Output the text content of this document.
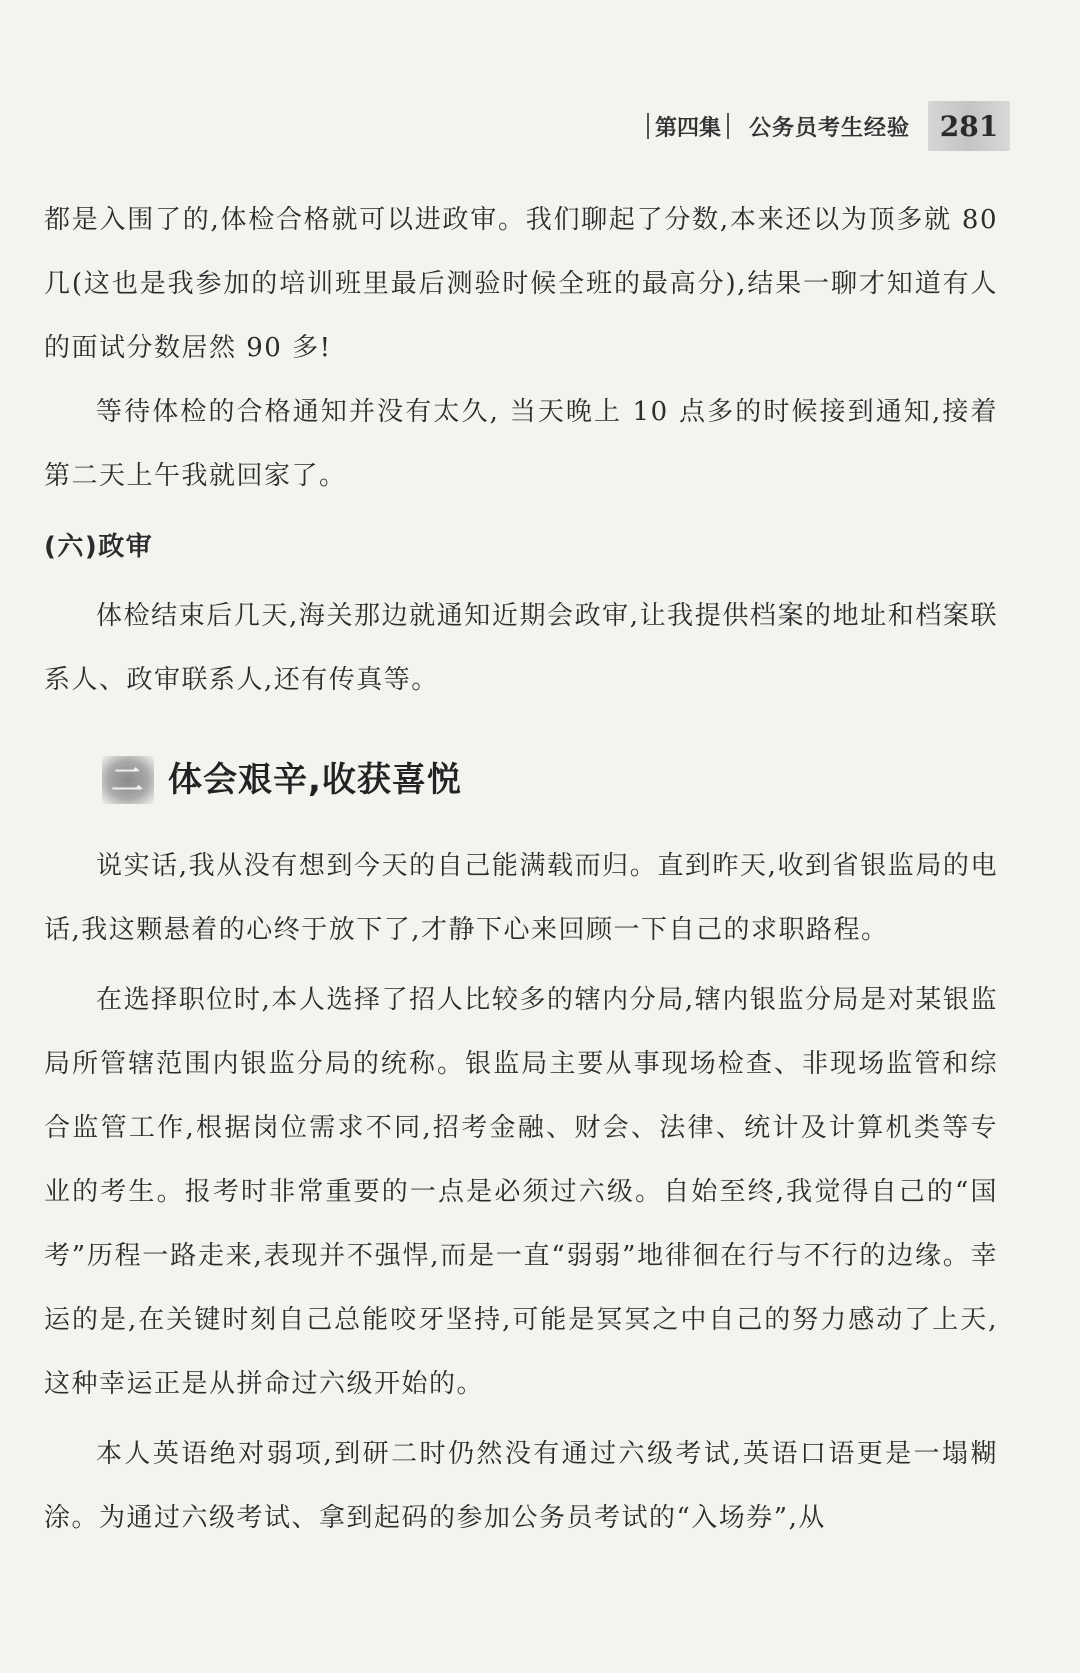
第四集 公务员考生经验	281

都是入围了的,体检合格就可以进政审。我们聊起了分数,本来还以为顶多就 80 几(这也是我参加的培训班里最后测验时候全班的最高分),结果一聊才知道有人的面试分数居然 90 多!

等待体检的合格通知并没有太久, 当天晚上 10 点多的时候接到通知,接着第二天上午我就回家了。

(六)政审

体检结束后几天,海关那边就通知近期会政审,让我提供档案的地址和档案联系人、政审联系人,还有传真等。

二 体会艰辛,收获喜悦

说实话,我从没有想到今天的自己能满载而归。直到昨天,收到省银监局的电话,我这颗悬着的心终于放下了,才静下心来回顾一下自己的求职路程。

在选择职位时,本人选择了招人比较多的辖内分局,辖内银监分局是对某银监局所管辖范围内银监分局的统称。银监局主要从事现场检查、非现场监管和综合监管工作,根据岗位需求不同,招考金融、财会、法律、统计及计算机类等专业的考生。报考时非常重要的一点是必须过六级。自始至终,我觉得自己的“国考”历程一路走来,表现并不强悍,而是一直“弱弱”地徘徊在行与不行的边缘。幸运的是,在关键时刻自己总能咬牙坚持,可能是冥冥之中自己的努力感动了上天,这种幸运正是从拼命过六级开始的。

本人英语绝对弱项,到研二时仍然没有通过六级考试,英语口语更是一塌糊涂。为通过六级考试、拿到起码的参加公务员考试的“入场券”,从
